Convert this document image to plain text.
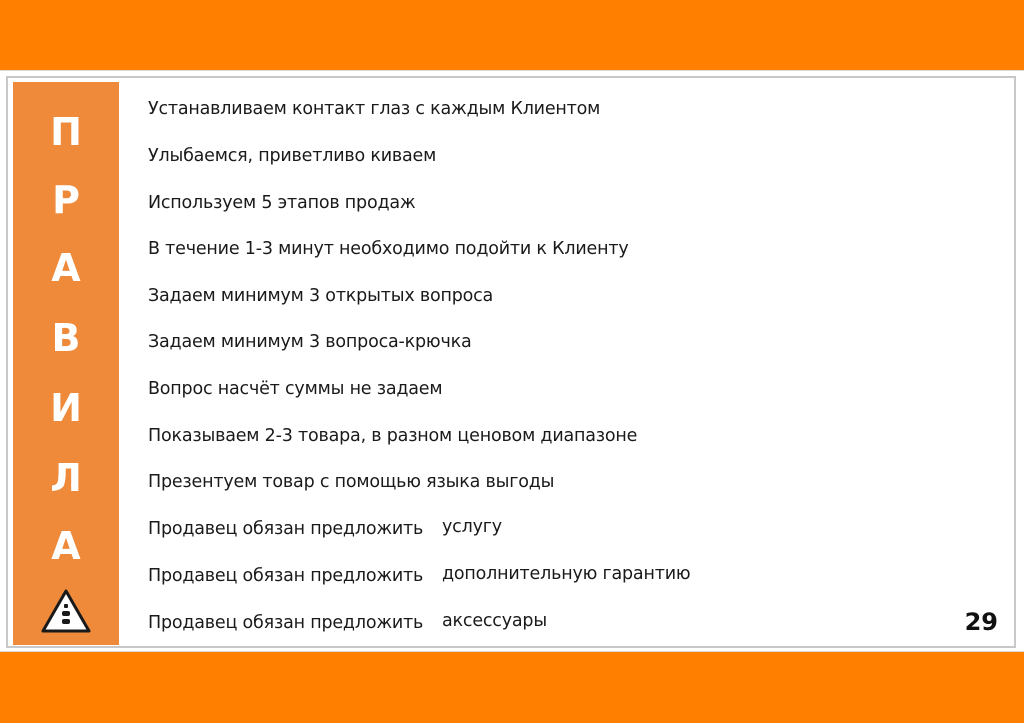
П
Р
А
В
И
Л
А
Устанавливаем контакт глаз с каждым Клиентом
Улыбаемся, приветливо киваем
Используем 5 этапов продаж
В течение 1-3 минут необходимо подойти к Клиенту
Задаем минимум 3 открытых вопроса
Задаем минимум 3 вопроса-крючка
Вопрос насчёт суммы не задаем
Показываем 2-3 товара, в разном ценовом диапазоне
Презентуем товар с помощью языка выгоды
Продавец обязан предложить услугу
Продавец обязан предложить дополнительную гарантию
Продавец обязан предложить аксессуары	29
